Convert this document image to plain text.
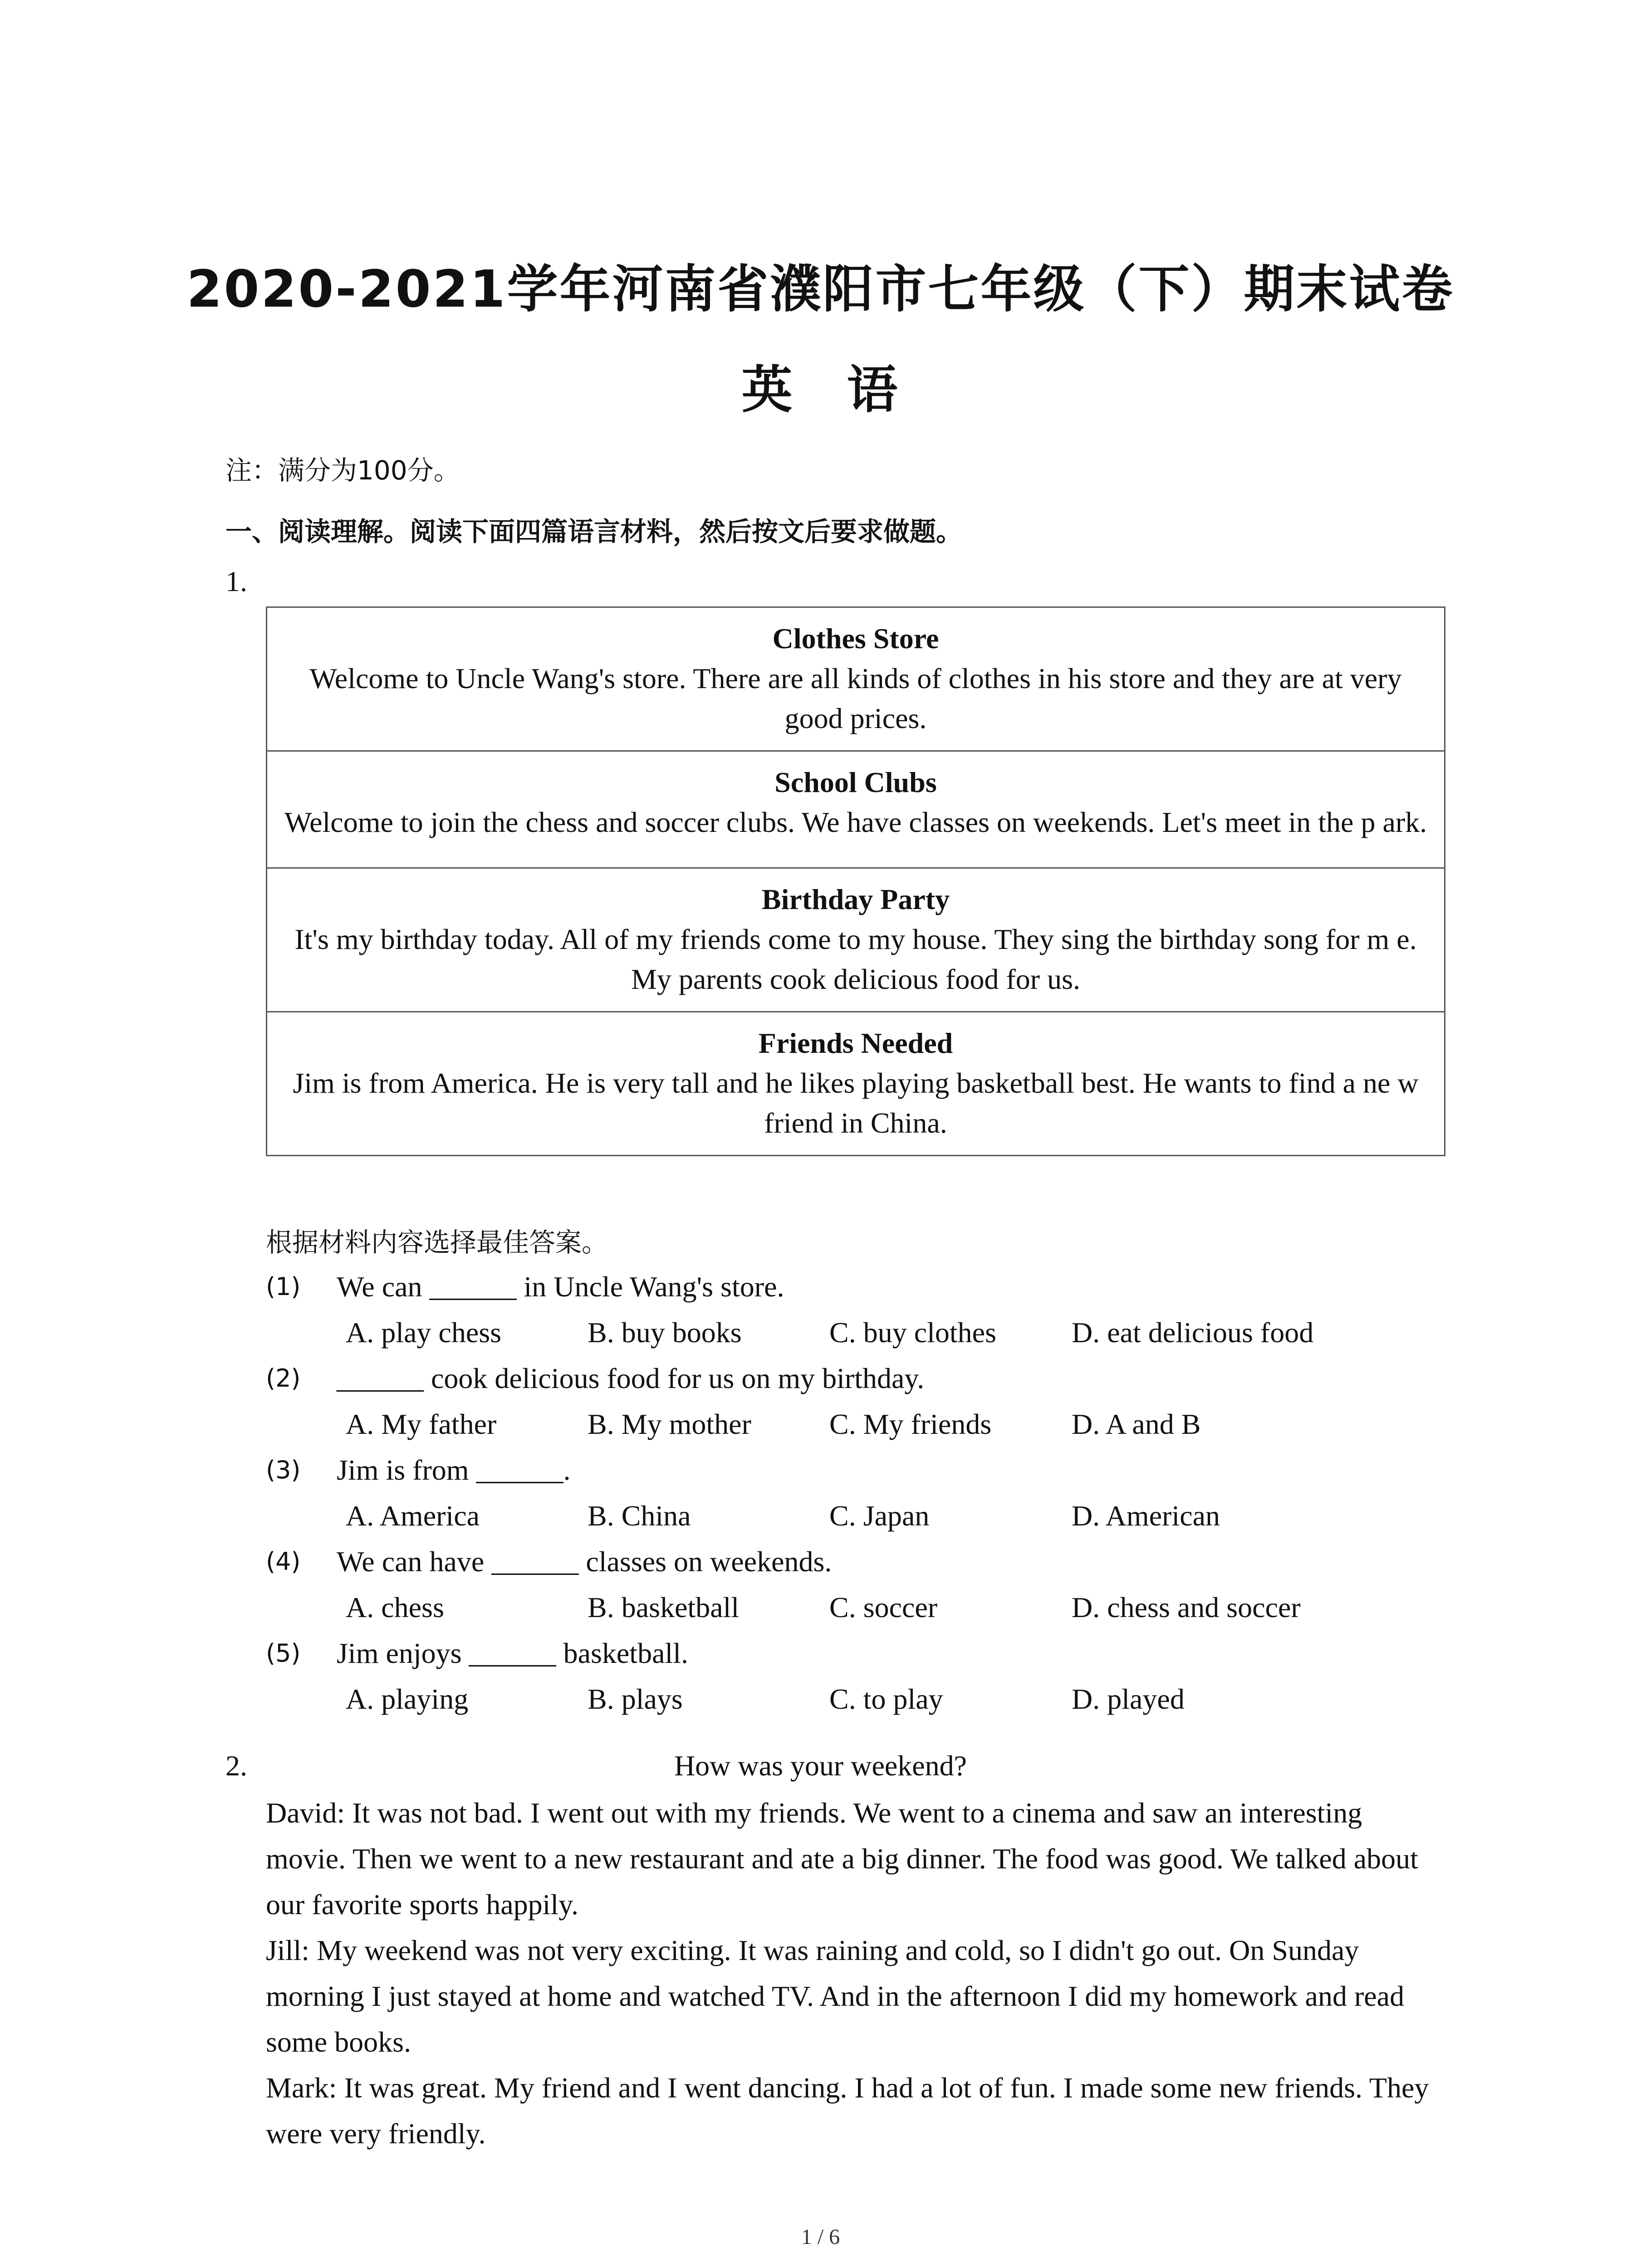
2020-2021学年河南省濮阳市七年级（下）期末试卷
英　语
注：满分为100分。
一、阅读理解。阅读下面四篇语言材料，然后按文后要求做题。
1.
Clothes Store
Welcome to Uncle Wang's store. There are all kinds of clothes in his store and they are at very good prices.

School Clubs
Welcome to join the chess and soccer clubs. We have classes on weekends. Let's meet in the p ark.

Birthday Party
It's my birthday today. All of my friends come to my house. They sing the birthday song for m e. My parents cook delicious food for us.

Friends Needed
Jim is from America. He is very tall and he likes playing basketball best. He wants to find a ne w friend in China.
根据材料内容选择最佳答案。
(1) We can ______ in Uncle Wang's store.
A. play chess	B. buy books	C. buy clothes	D. eat delicious food
(2) ______ cook delicious food for us on my birthday.
A. My father	B. My mother	C. My friends	D. A and B
(3) Jim is from ______.
A. America	B. China	C. Japan	D. American
(4) We can have ______ classes on weekends.
A. chess	B. basketball	C. soccer	D. chess and soccer
(5) Jim enjoys ______ basketball.
A. playing	B. plays	C. to play	D. played
2.	How was your weekend?
David: It was not bad. I went out with my friends. We went to a cinema and saw an interesting movie. Then we went to a new restaurant and ate a big dinner. The food was good. We talked about our favorite sports happily.
Jill: My weekend was not very exciting. It was raining and cold, so I didn't go out. On Sunday morning I just stayed at home and watched TV. And in the afternoon I did my homework and read some books.
Mark: It was great. My friend and I went dancing. I had a lot of fun. I made some new friends. They were very friendly.
1 / 6
